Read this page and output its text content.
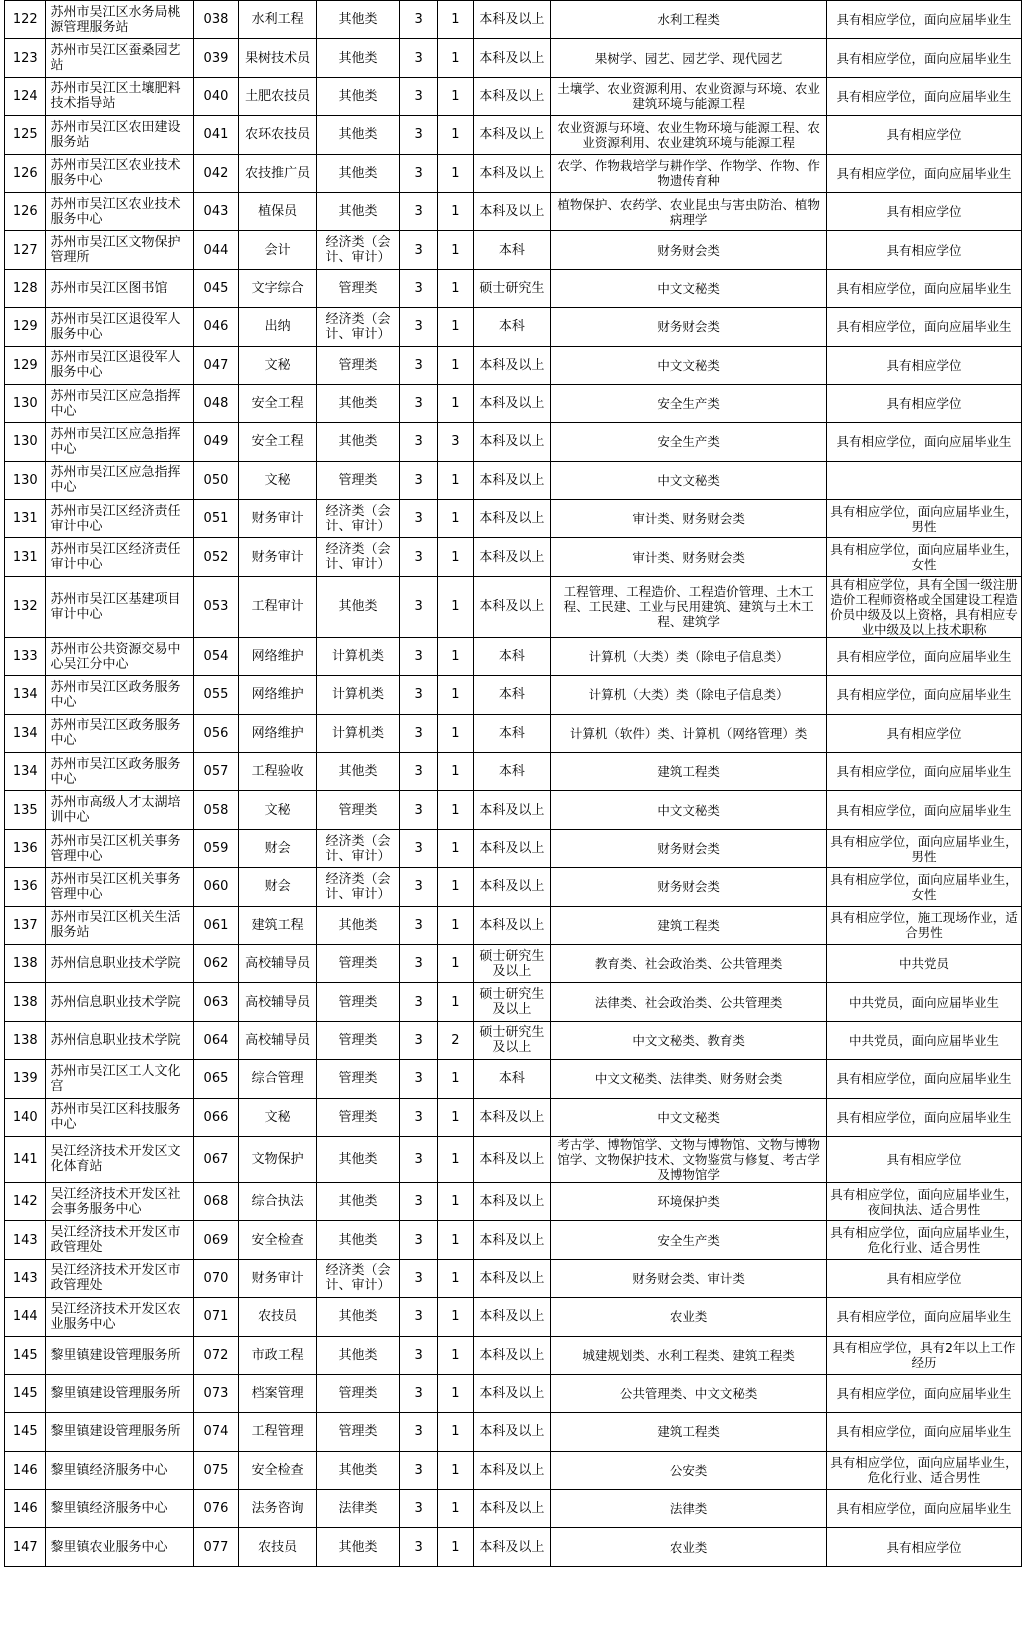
122	苏州市吴江区水务局桃源管理服务站	038	水利工程	其他类	3	1	本科及以上	水利工程类	具有相应学位，面向应届毕业生
123	苏州市吴江区蚕桑园艺站	039	果树技术员	其他类	3	1	本科及以上	果树学、园艺、园艺学、现代园艺	具有相应学位，面向应届毕业生
124	苏州市吴江区土壤肥料技术指导站	040	土肥农技员	其他类	3	1	本科及以上	土壤学、农业资源利用、农业资源与环境、农业建筑环境与能源工程	具有相应学位，面向应届毕业生
125	苏州市吴江区农田建设服务站	041	农环农技员	其他类	3	1	本科及以上	农业资源与环境、农业生物环境与能源工程、农业资源利用、农业建筑环境与能源工程	具有相应学位
126	苏州市吴江区农业技术服务中心	042	农技推广员	其他类	3	1	本科及以上	农学、作物栽培学与耕作学、作物学、作物、作物遗传育种	具有相应学位，面向应届毕业生
126	苏州市吴江区农业技术服务中心	043	植保员	其他类	3	1	本科及以上	植物保护、农药学、农业昆虫与害虫防治、植物病理学	具有相应学位
127	苏州市吴江区文物保护管理所	044	会计	经济类（会计、审计）	3	1	本科	财务财会类	具有相应学位
128	苏州市吴江区图书馆	045	文字综合	管理类	3	1	硕士研究生	中文文秘类	具有相应学位，面向应届毕业生
129	苏州市吴江区退役军人服务中心	046	出纳	经济类（会计、审计）	3	1	本科	财务财会类	具有相应学位，面向应届毕业生
129	苏州市吴江区退役军人服务中心	047	文秘	管理类	3	1	本科及以上	中文文秘类	具有相应学位
130	苏州市吴江区应急指挥中心	048	安全工程	其他类	3	1	本科及以上	安全生产类	具有相应学位
130	苏州市吴江区应急指挥中心	049	安全工程	其他类	3	3	本科及以上	安全生产类	具有相应学位，面向应届毕业生
130	苏州市吴江区应急指挥中心	050	文秘	管理类	3	1	本科及以上	中文文秘类	
131	苏州市吴江区经济责任审计中心	051	财务审计	经济类（会计、审计）	3	1	本科及以上	审计类、财务财会类	具有相应学位，面向应届毕业生，男性
131	苏州市吴江区经济责任审计中心	052	财务审计	经济类（会计、审计）	3	1	本科及以上	审计类、财务财会类	具有相应学位，面向应届毕业生，女性
132	苏州市吴江区基建项目审计中心	053	工程审计	其他类	3	1	本科及以上	工程管理、工程造价、工程造价管理、土木工程、工民建、工业与民用建筑、建筑与土木工程、建筑学	具有相应学位，具有全国一级注册造价工程师资格或全国建设工程造价员中级及以上资格，具有相应专业中级及以上技术职称
133	苏州市公共资源交易中心吴江分中心	054	网络维护	计算机类	3	1	本科	计算机（大类）类（除电子信息类）	具有相应学位，面向应届毕业生
134	苏州市吴江区政务服务中心	055	网络维护	计算机类	3	1	本科	计算机（大类）类（除电子信息类）	具有相应学位，面向应届毕业生
134	苏州市吴江区政务服务中心	056	网络维护	计算机类	3	1	本科	计算机（软件）类、计算机（网络管理）类	具有相应学位
134	苏州市吴江区政务服务中心	057	工程验收	其他类	3	1	本科	建筑工程类	具有相应学位，面向应届毕业生
135	苏州市高级人才太湖培训中心	058	文秘	管理类	3	1	本科及以上	中文文秘类	具有相应学位，面向应届毕业生
136	苏州市吴江区机关事务管理中心	059	财会	经济类（会计、审计）	3	1	本科及以上	财务财会类	具有相应学位，面向应届毕业生，男性
136	苏州市吴江区机关事务管理中心	060	财会	经济类（会计、审计）	3	1	本科及以上	财务财会类	具有相应学位，面向应届毕业生，女性
137	苏州市吴江区机关生活服务站	061	建筑工程	其他类	3	1	本科及以上	建筑工程类	具有相应学位，施工现场作业，适合男性
138	苏州信息职业技术学院	062	高校辅导员	管理类	3	1	硕士研究生及以上	教育类、社会政治类、公共管理类	中共党员
138	苏州信息职业技术学院	063	高校辅导员	管理类	3	1	硕士研究生及以上	法律类、社会政治类、公共管理类	中共党员，面向应届毕业生
138	苏州信息职业技术学院	064	高校辅导员	管理类	3	2	硕士研究生及以上	中文文秘类、教育类	中共党员，面向应届毕业生
139	苏州市吴江区工人文化宫	065	综合管理	管理类	3	1	本科	中文文秘类、法律类、财务财会类	具有相应学位，面向应届毕业生
140	苏州市吴江区科技服务中心	066	文秘	管理类	3	1	本科及以上	中文文秘类	具有相应学位，面向应届毕业生
141	吴江经济技术开发区文化体育站	067	文物保护	其他类	3	1	本科及以上	考古学、博物馆学、文物与博物馆、文物与博物馆学、文物保护技术、文物鉴赏与修复、考古学及博物馆学	具有相应学位
142	吴江经济技术开发区社会事务服务中心	068	综合执法	其他类	3	1	本科及以上	环境保护类	具有相应学位，面向应届毕业生，夜间执法、适合男性
143	吴江经济技术开发区市政管理处	069	安全检查	其他类	3	1	本科及以上	安全生产类	具有相应学位，面向应届毕业生，危化行业、适合男性
143	吴江经济技术开发区市政管理处	070	财务审计	经济类（会计、审计）	3	1	本科及以上	财务财会类、审计类	具有相应学位
144	吴江经济技术开发区农业服务中心	071	农技员	其他类	3	1	本科及以上	农业类	具有相应学位，面向应届毕业生
145	黎里镇建设管理服务所	072	市政工程	其他类	3	1	本科及以上	城建规划类、水利工程类、建筑工程类	具有相应学位，具有2年以上工作经历
145	黎里镇建设管理服务所	073	档案管理	管理类	3	1	本科及以上	公共管理类、中文文秘类	具有相应学位，面向应届毕业生
145	黎里镇建设管理服务所	074	工程管理	管理类	3	1	本科及以上	建筑工程类	具有相应学位，面向应届毕业生
146	黎里镇经济服务中心	075	安全检查	其他类	3	1	本科及以上	公安类	具有相应学位，面向应届毕业生，危化行业、适合男性
146	黎里镇经济服务中心	076	法务咨询	法律类	3	1	本科及以上	法律类	具有相应学位，面向应届毕业生
147	黎里镇农业服务中心	077	农技员	其他类	3	1	本科及以上	农业类	具有相应学位
